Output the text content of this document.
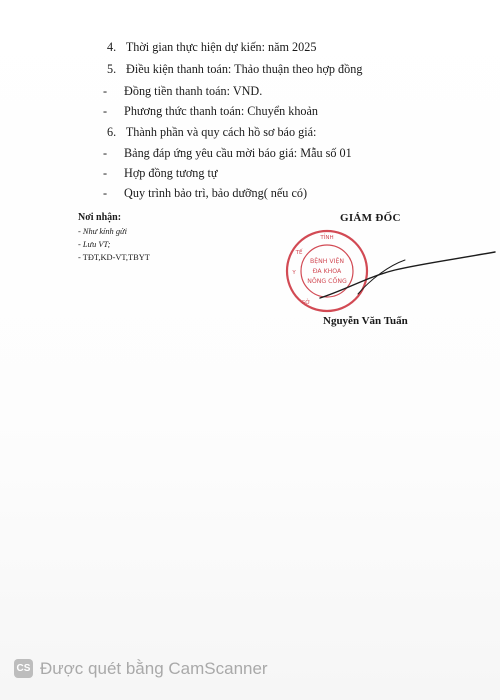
4. Thời gian thực hiện dự kiến: năm 2025
5. Điều kiện thanh toán: Thảo thuận theo hợp đồng
- Đồng tiền thanh toán: VND.
- Phương thức thanh toán: Chuyển khoản
6. Thành phần và quy cách hồ sơ báo giá:
- Bảng đáp ứng yêu cầu mời báo giá: Mẫu số 01
- Hợp đồng tương tự
- Quy trình bảo trì, bảo dưỡng( nếu có)
Nơi nhận:
- Như kính gửi
- Lưu VT;
- TĐT,KD-VT,TBYT
GIÁM ĐỐC
TỈNH
Y
TẾ
SỞ
BỆNH VIỆN
ĐA KHOA
NÔNG CỐNG
Nguyễn Văn Tuấn
CS Được quét bằng CamScanner
